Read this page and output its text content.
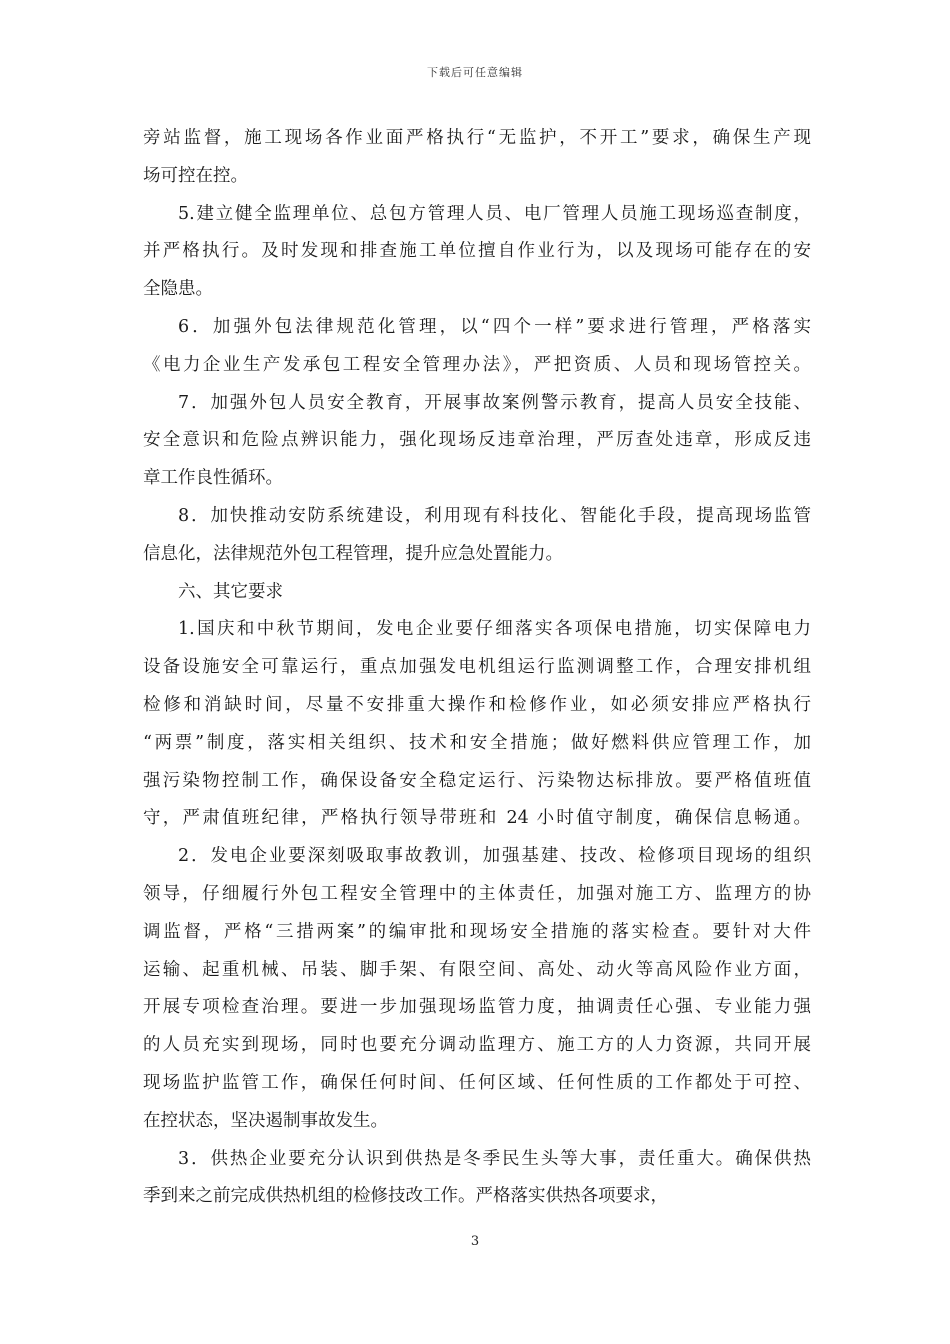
下载后可任意编辑
旁站监督，施工现场各作业面严格执行“无监护，不开工”要求，确保生产现
场可控在控。
5.建立健全监理单位、总包方管理人员、电厂管理人员施工现场巡查制度，
并严格执行。及时发现和排查施工单位擅自作业行为，以及现场可能存在的安
全隐患。
6．加强外包法律规范化管理，以“四个一样”要求进行管理，严格落实
《电力企业生产发承包工程安全管理办法》，严把资质、人员和现场管控关。
7．加强外包人员安全教育，开展事故案例警示教育，提高人员安全技能、
安全意识和危险点辨识能力，强化现场反违章治理，严厉查处违章，形成反违
章工作良性循环。
8．加快推动安防系统建设，利用现有科技化、智能化手段，提高现场监管
信息化，法律规范外包工程管理，提升应急处置能力。
六、其它要求
1.国庆和中秋节期间，发电企业要仔细落实各项保电措施，切实保障电力
设备设施安全可靠运行，重点加强发电机组运行监测调整工作，合理安排机组
检修和消缺时间，尽量不安排重大操作和检修作业，如必须安排应严格执行
“两票”制度，落实相关组织、技术和安全措施；做好燃料供应管理工作，加
强污染物控制工作，确保设备安全稳定运行、污染物达标排放。要严格值班值
守，严肃值班纪律，严格执行领导带班和 24 小时值守制度，确保信息畅通。
2．发电企业要深刻吸取事故教训，加强基建、技改、检修项目现场的组织
领导，仔细履行外包工程安全管理中的主体责任，加强对施工方、监理方的协
调监督，严格“三措两案”的编审批和现场安全措施的落实检查。要针对大件
运输、起重机械、吊装、脚手架、有限空间、高处、动火等高风险作业方面，
开展专项检查治理。要进一步加强现场监管力度，抽调责任心强、专业能力强
的人员充实到现场，同时也要充分调动监理方、施工方的人力资源，共同开展
现场监护监管工作，确保任何时间、任何区域、任何性质的工作都处于可控、
在控状态，坚决遏制事故发生。
3．供热企业要充分认识到供热是冬季民生头等大事，责任重大。确保供热
季到来之前完成供热机组的检修技改工作。严格落实供热各项要求，
3
